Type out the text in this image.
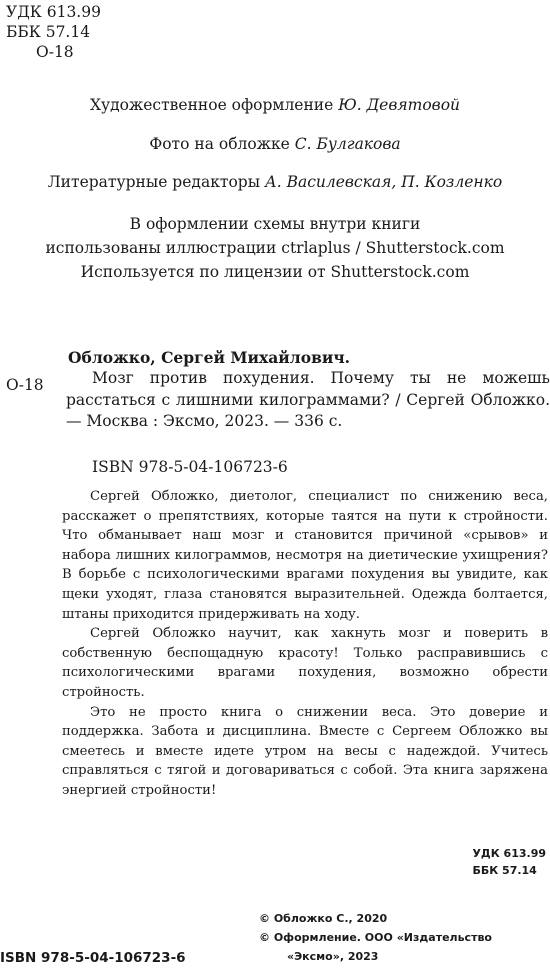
УДК 613.99
ББК 57.14
О-18
Художественное оформление Ю. Девятовой
Фото на обложке С. Булгакова
Литературные редакторы А. Василевская, П. Козленко
В оформлении схемы внутри книги
использованы иллюстрации ctrlaplus / Shutterstock.com
Используется по лицензии от Shutterstock.com
Обложко, Сергей Михайлович.
О-18	Мозг против похудения. Почему ты не можешь расстаться с лишними килограммами? / Сергей Обложко. — Москва : Эксмо, 2023. — 336 с.
ISBN 978-5-04-106723-6

Сергей Обложко, диетолог, специалист по снижению веса, расскажет о препятствиях, которые таятся на пути к стройности. Что обманывает наш мозг и становится причиной «срывов» и набора лишних килограммов, несмотря на диетические ухищрения? В борьбе с психологическими врагами похудения вы увидите, как щеки уходят, глаза становятся выразительней. Одежда болтается, штаны приходится придерживать на ходу.

Сергей Обложко научит, как хакнуть мозг и поверить в собственную беспощадную красоту! Только расправившись с психологическими врагами похудения, возможно обрести стройность.

Это не просто книга о снижении веса. Это доверие и поддержка. Забота и дисциплина. Вместе с Сергеем Обложко вы смеетесь и вместе идете утром на весы с надеждой. Учитесь справляться с тягой и договариваться с собой. Эта книга заряжена энергией стройности!

УДК 613.99
ББК 57.14
© Обложко С., 2020
© Оформление. ООО «Издательство
«Эксмо», 2023
ISBN 978-5-04-106723-6
